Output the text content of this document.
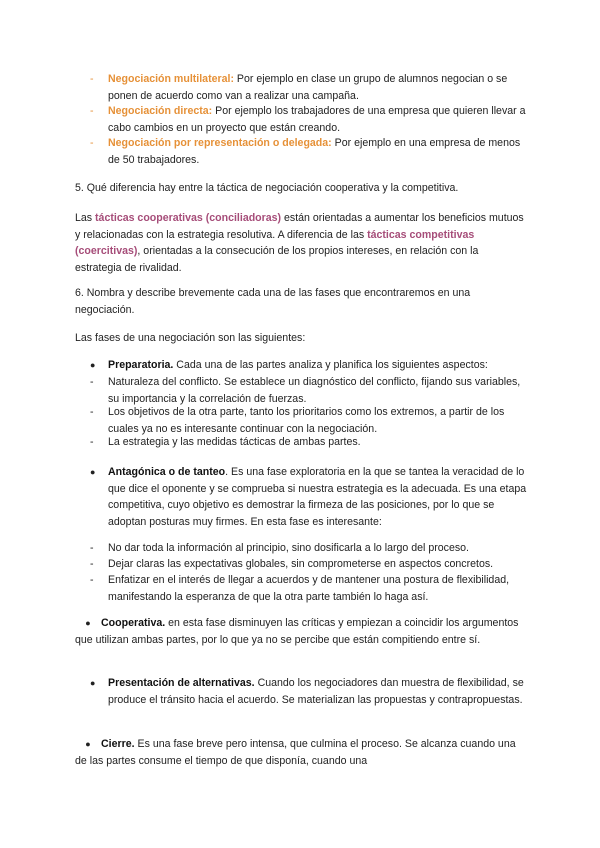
-	Negociación multilateral: Por ejemplo en clase un grupo de alumnos negocian o se ponen de acuerdo como van a realizar una campaña.
-	Negociación directa: Por ejemplo los trabajadores de una empresa que quieren llevar a cabo cambios en un proyecto que están creando.
-	Negociación por representación o delegada: Por ejemplo en una empresa de menos de 50 trabajadores.

5. Qué diferencia hay entre la táctica de negociación cooperativa y la competitiva.

Las tácticas cooperativas (conciliadoras) están orientadas a aumentar los beneficios mutuos y relacionadas con la estrategia resolutiva. A diferencia de las tácticas competitivas (coercitivas), orientadas a la consecución de los propios intereses, en relación con la estrategia de rivalidad.

6. Nombra y describe brevemente cada una de las fases que encontraremos en una negociación.

Las fases de una negociación son las siguientes:

●	Preparatoria. Cada una de las partes analiza y planifica los siguientes aspectos:
-	Naturaleza del conflicto. Se establece un diagnóstico del conflicto, fijando sus variables, su importancia y la correlación de fuerzas.
-	Los objetivos de la otra parte, tanto los prioritarios como los extremos, a partir de los cuales ya no es interesante continuar con la negociación.
-	La estrategia y las medidas tácticas de ambas partes.
●	Antagónica o de tanteo. Es una fase exploratoria en la que se tantea la veracidad de lo que dice el oponente y se comprueba si nuestra estrategia es la adecuada. Es una etapa competitiva, cuyo objetivo es demostrar la firmeza de las posiciones, por lo que se adoptan posturas muy firmes. En esta fase es interesante:
-	No dar toda la información al principio, sino dosificarla a lo largo del proceso.
-	Dejar claras las expectativas globales, sin comprometerse en aspectos concretos.
-	Enfatizar en el interés de llegar a acuerdos y de mantener una postura de flexibilidad, manifestando la esperanza de que la otra parte también lo haga así.

● Cooperativa. en esta fase disminuyen las críticas y empiezan a coincidir los argumentos que utilizan ambas partes, por lo que ya no se percibe que están compitiendo entre sí.

●	Presentación de alternativas. Cuando los negociadores dan muestra de flexibilidad, se produce el tránsito hacia el acuerdo. Se materializan las propuestas y contrapropuestas.

● Cierre. Es una fase breve pero intensa, que culmina el proceso. Se alcanza cuando una de las partes consume el tiempo de que disponía, cuando una
